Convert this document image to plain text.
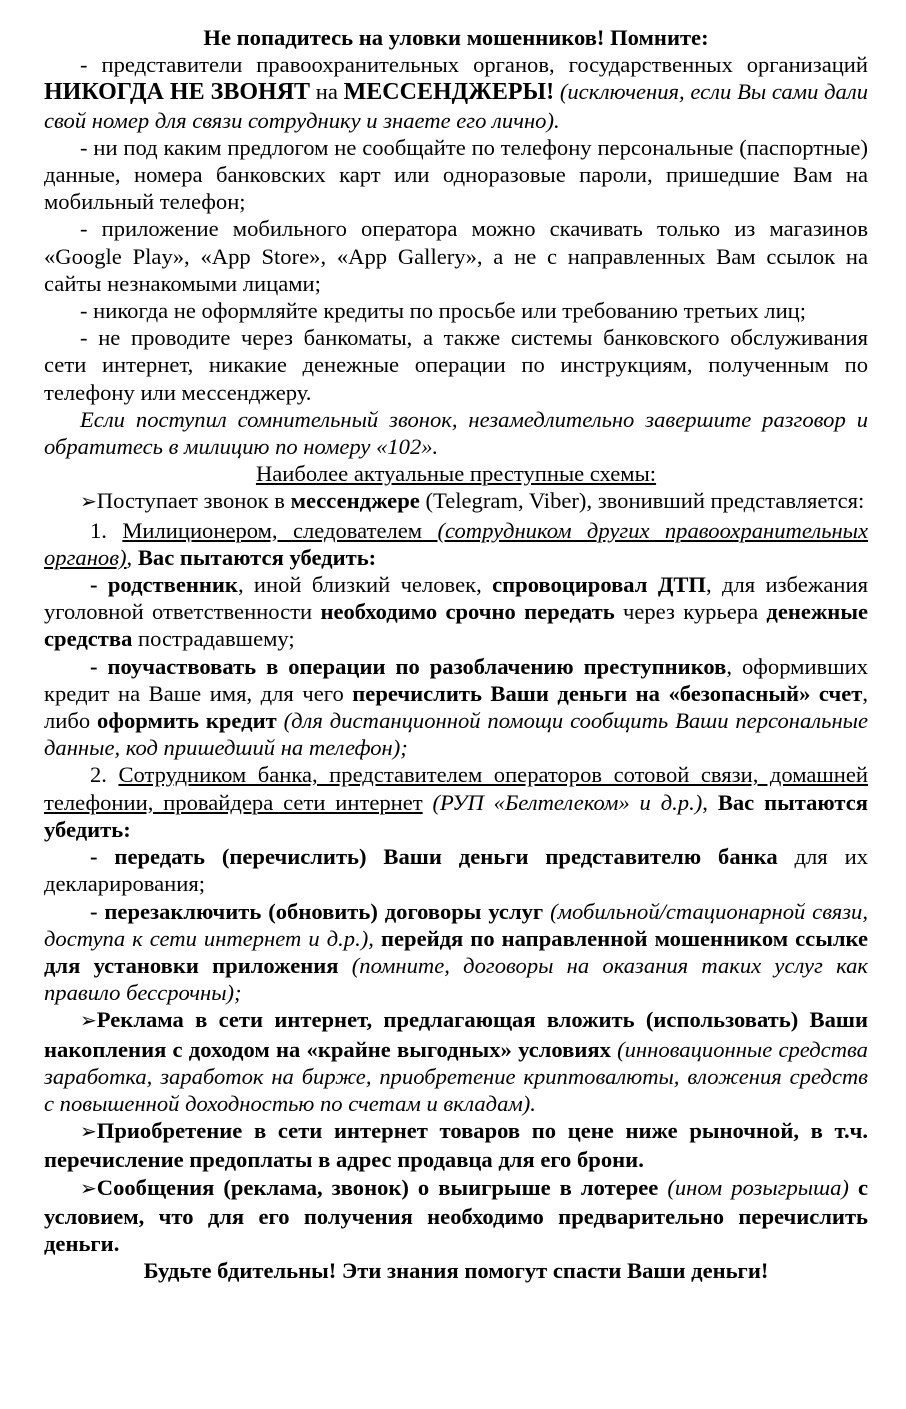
Не попадитесь на уловки мошенников! Помните:

- представители правоохранительных органов, государственных организаций НИКОГДА НЕ ЗВОНЯТ на МЕССЕНДЖЕРЫ! (исключения, если Вы сами дали свой номер для связи сотруднику и знаете его лично).

- ни под каким предлогом не сообщайте по телефону персональные (паспортные) данные, номера банковских карт или одноразовые пароли, пришедшие Вам на мобильный телефон;

- приложение мобильного оператора можно скачивать только из магазинов «Google Play», «App Store», «App Gallery», а не с направленных Вам ссылок на сайты незнакомыми лицами;

- никогда не оформляйте кредиты по просьбе или требованию третьих лиц;

- не проводите через банкоматы, а также системы банковского обслуживания сети интернет, никакие денежные операции по инструкциям, полученным по телефону или мессенджеру.

Если поступил сомнительный звонок, незамедлительно завершите разговор и обратитесь в милицию по номеру «102».

Наиболее актуальные преступные схемы:

➢Поступает звонок в мессенджере (Telegram, Viber), звонивший представляется:

1. Милиционером, следователем (сотрудником других правоохранительных органов), Вас пытаются убедить:

- родственник, иной близкий человек, спровоцировал ДТП, для избежания уголовной ответственности необходимо срочно передать через курьера денежные средства пострадавшему;

- поучаствовать в операции по разоблачению преступников, оформивших кредит на Ваше имя, для чего перечислить Ваши деньги на «безопасный» счет, либо оформить кредит (для дистанционной помощи сообщить Ваши персональные данные, код пришедший на телефон);

2. Сотрудником банка, представителем операторов сотовой связи, домашней телефонии, провайдера сети интернет (РУП «Белтелеком» и д.р.), Вас пытаются убедить:

- передать (перечислить) Ваши деньги представителю банка для их декларирования;

- перезаключить (обновить) договоры услуг (мобильной/стационарной связи, доступа к сети интернет и д.р.), перейдя по направленной мошенником ссылке для установки приложения (помните, договоры на оказания таких услуг как правило бессрочны);

➢Реклама в сети интернет, предлагающая вложить (использовать) Ваши накопления с доходом на «крайне выгодных» условиях (инновационные средства заработка, заработок на бирже, приобретение криптовалюты, вложения средств с повышенной доходностью по счетам и вкладам).

➢Приобретение в сети интернет товаров по цене ниже рыночной, в т.ч. перечисление предоплаты в адрес продавца для его брони.

➢Сообщения (реклама, звонок) о выигрыше в лотерее (ином розыгрыша) с условием, что для его получения необходимо предварительно перечислить деньги.

Будьте бдительны! Эти знания помогут спасти Ваши деньги!
